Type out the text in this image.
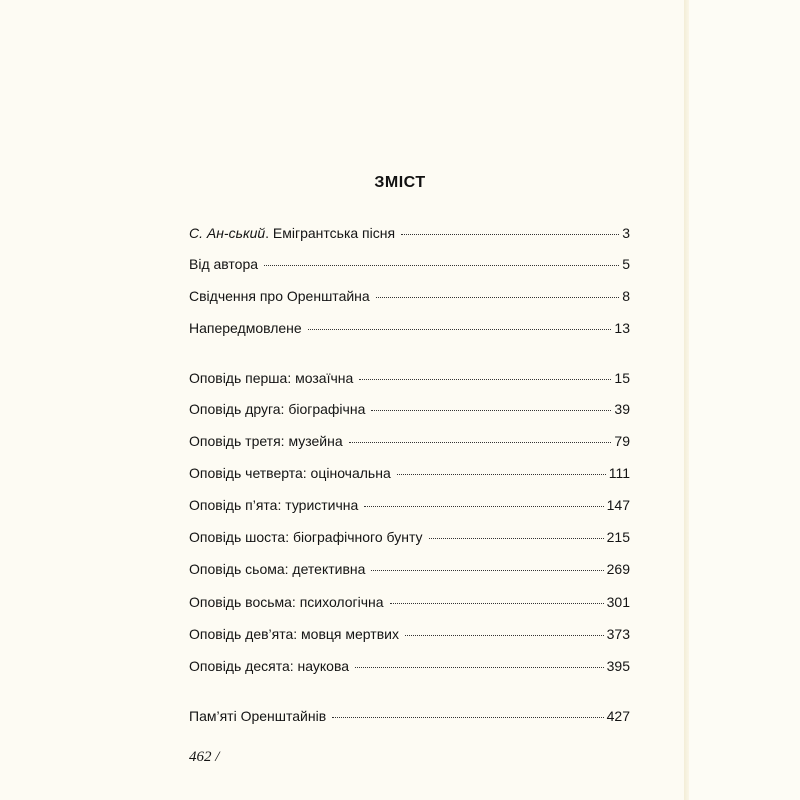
ЗМІСТ
С. Ан-ський. Емігрантська пісня	3
Від автора	5
Свідчення про Оренштайна	8
Напередмовлене	13
Оповідь перша: мозаїчна	15
Оповідь друга: біографічна	39
Оповідь третя: музейна	79
Оповідь четверта: оціночальна	111
Оповідь п’ята: туристична	147
Оповідь шоста: біографічного бунту	215
Оповідь сьома: детективна	269
Оповідь восьма: психологічна	301
Оповідь дев’ята: мовця мертвих	373
Оповідь десята: наукова	395
Пам’яті Оренштайнів	427
462 /
